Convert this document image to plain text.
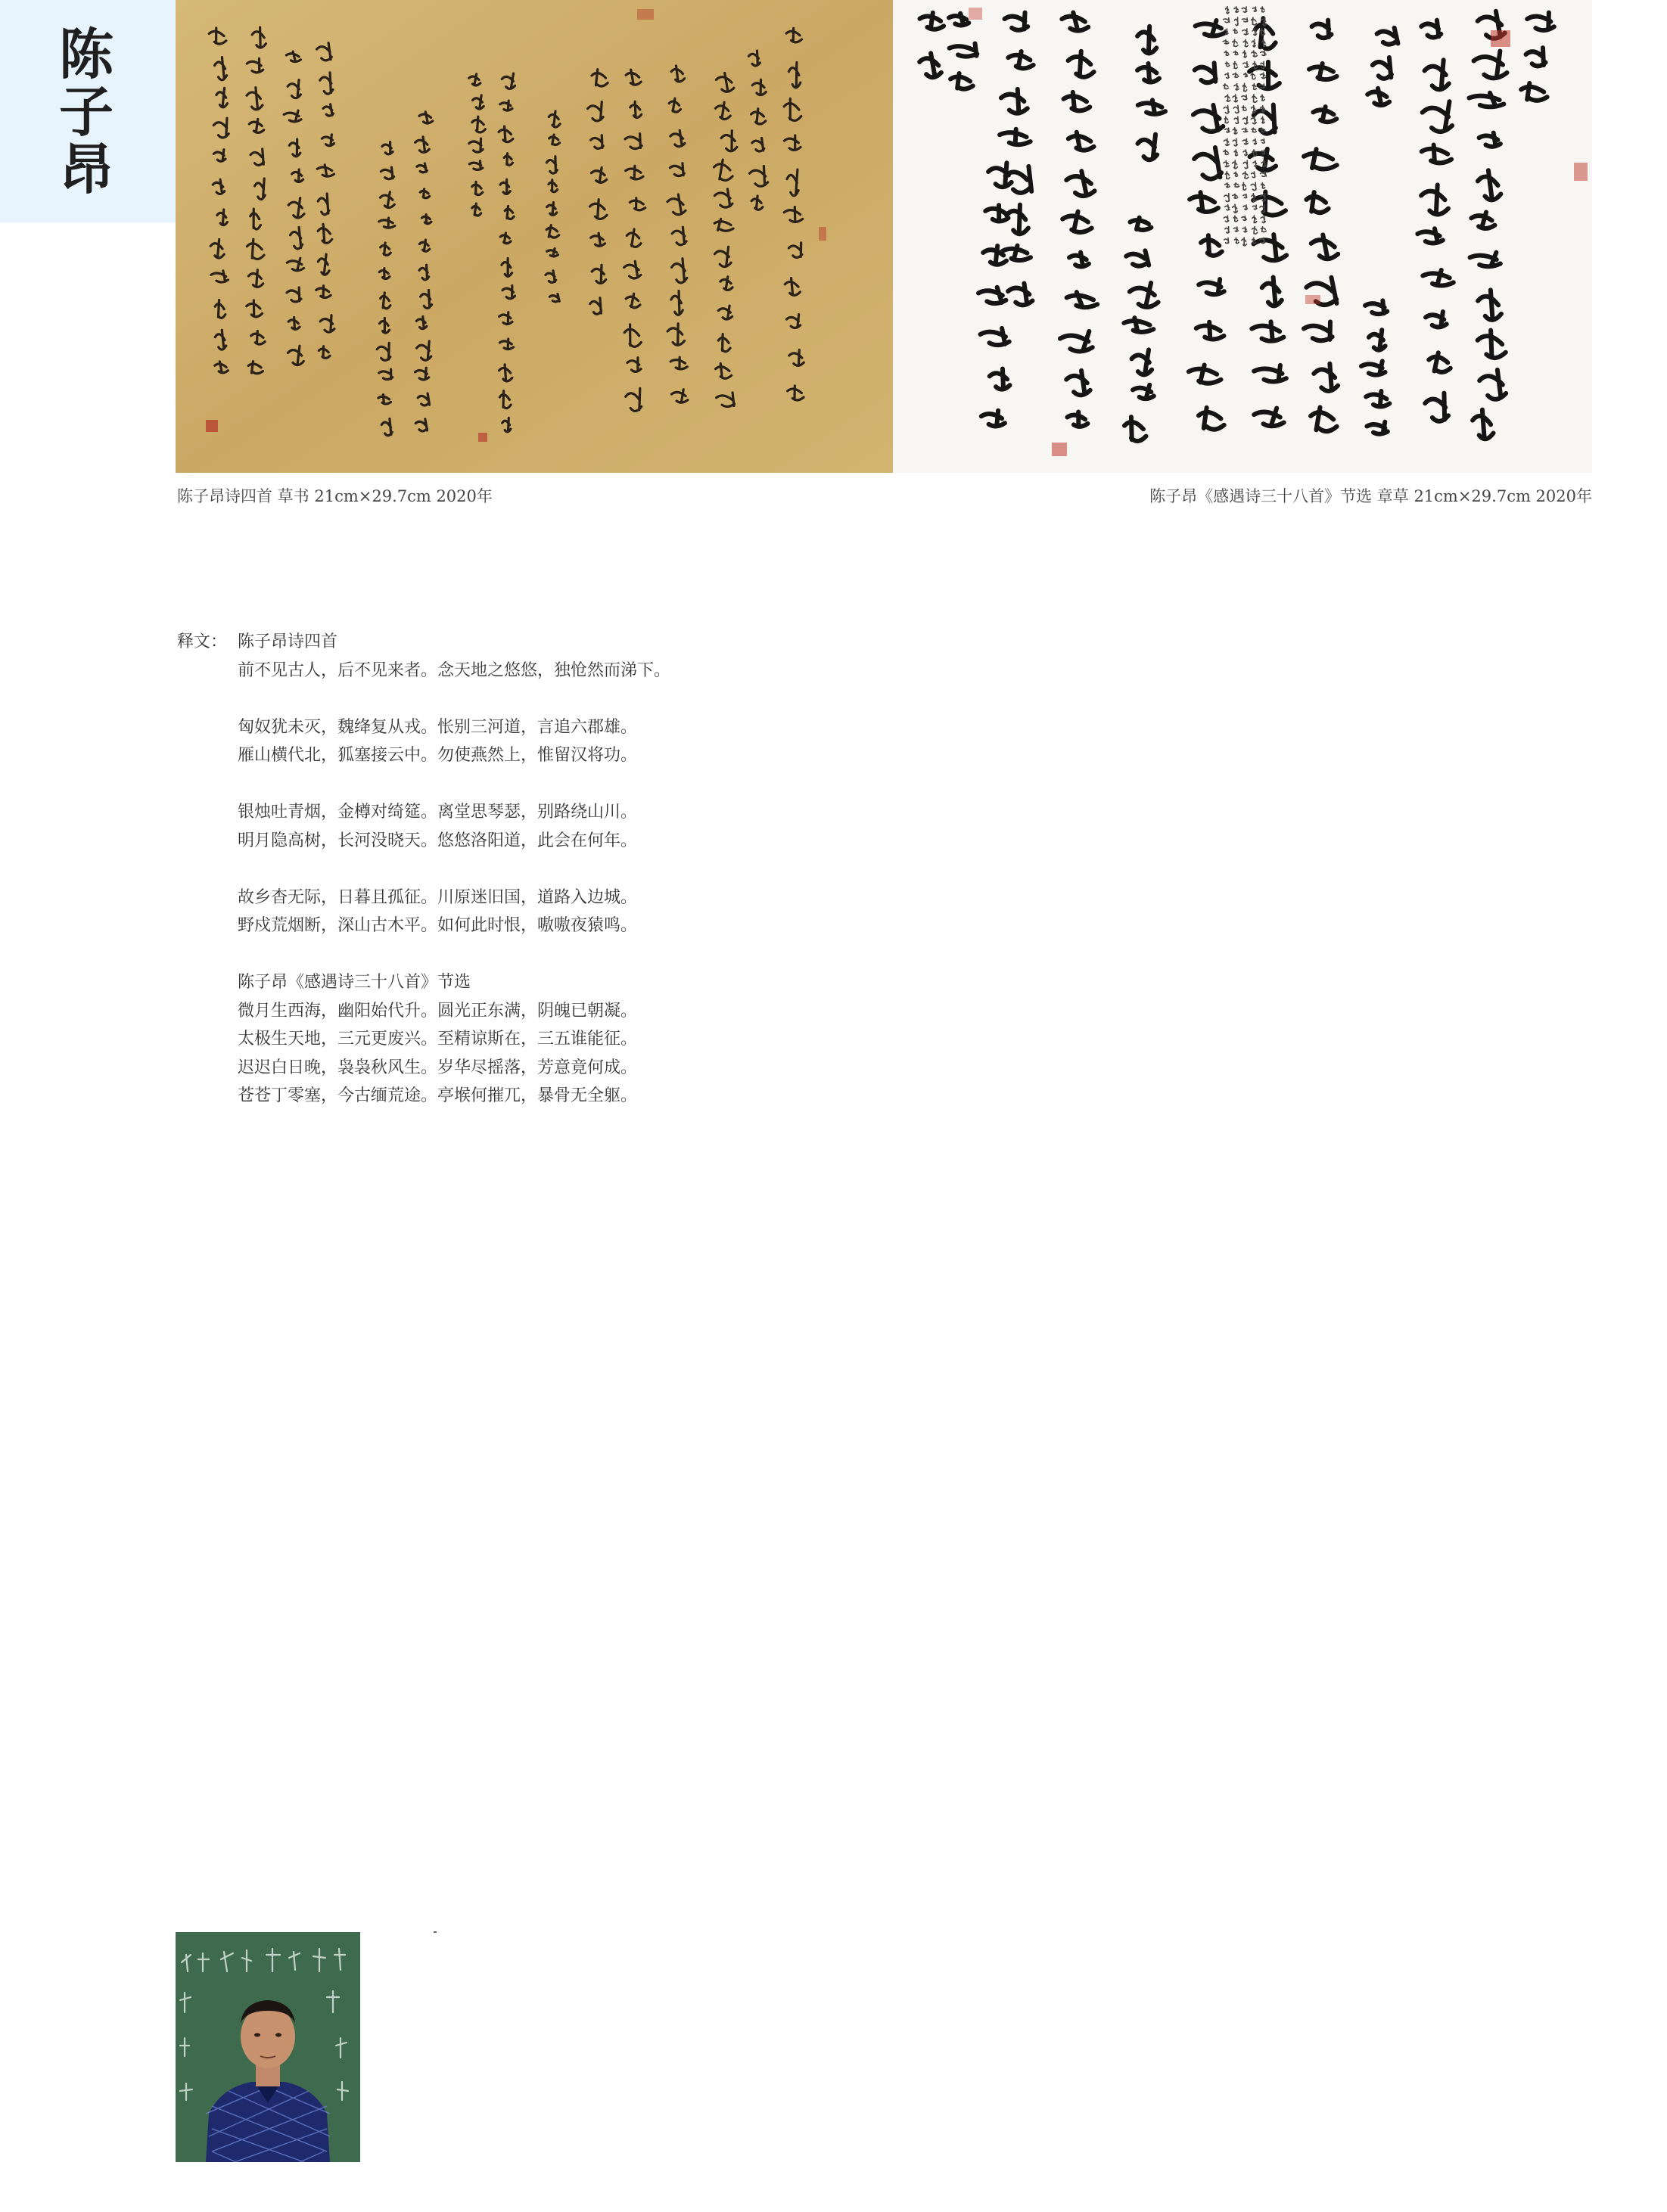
陈
子
昂
陈子昂诗四首 草书 21cm×29.7cm 2020年	陈子昂《感遇诗三十八首》节选 章草 21cm×29.7cm 2020年
释文： 陈子昂诗四首

前不见古人，后不见来者。念天地之悠悠，独怆然而涕下。

匈奴犹未灭，魏绛复从戎。怅别三河道，言追六郡雄。
雁山横代北，狐塞接云中。勿使燕然上，惟留汉将功。

银烛吐青烟，金樽对绮筵。离堂思琴瑟，别路绕山川。
明月隐高树，长河没晓天。悠悠洛阳道，此会在何年。

故乡杳无际，日暮且孤征。川原迷旧国，道路入边城。
野戍荒烟断，深山古木平。如何此时恨，嗷嗷夜猿鸣。

陈子昂《感遇诗三十八首》节选
微月生西海，幽阳始代升。圆光正东满，阴魄已朝凝。
太极生天地，三元更废兴。至精谅斯在，三五谁能征。
迟迟白日晚，袅袅秋风生。岁华尽摇落，芳意竟何成。
苍苍丁零塞，今古缅荒途。亭堠何摧兀，暴骨无全躯。
